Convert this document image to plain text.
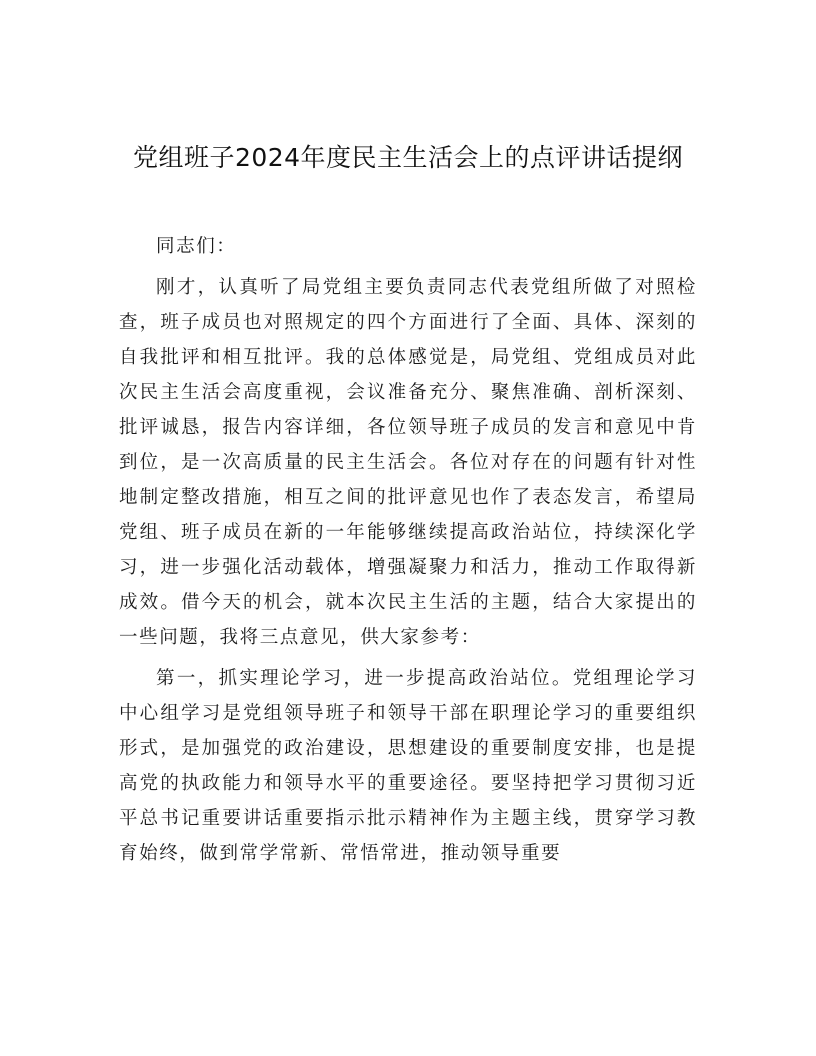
党组班子2024年度民主生活会上的点评讲话提纲

同志们：

刚才，认真听了局党组主要负责同志代表党组所做了对照检查，班子成员也对照规定的四个方面进行了全面、具体、深刻的自我批评和相互批评。我的总体感觉是，局党组、党组成员对此次民主生活会高度重视，会议准备充分、聚焦准确、剖析深刻、批评诚恳，报告内容详细，各位领导班子成员的发言和意见中肯到位，是一次高质量的民主生活会。各位对存在的问题有针对性地制定整改措施，相互之间的批评意见也作了表态发言，希望局党组、班子成员在新的一年能够继续提高政治站位，持续深化学习，进一步强化活动载体，增强凝聚力和活力，推动工作取得新成效。借今天的机会，就本次民主生活的主题，结合大家提出的一些问题，我将三点意见，供大家参考：

第一，抓实理论学习，进一步提高政治站位。党组理论学习中心组学习是党组领导班子和领导干部在职理论学习的重要组织形式，是加强党的政治建设，思想建设的重要制度安排，也是提高党的执政能力和领导水平的重要途径。要坚持把学习贯彻习近平总书记重要讲话重要指示批示精神作为主题主线，贯穿学习教育始终，做到常学常新、常悟常进，推动领导重要
